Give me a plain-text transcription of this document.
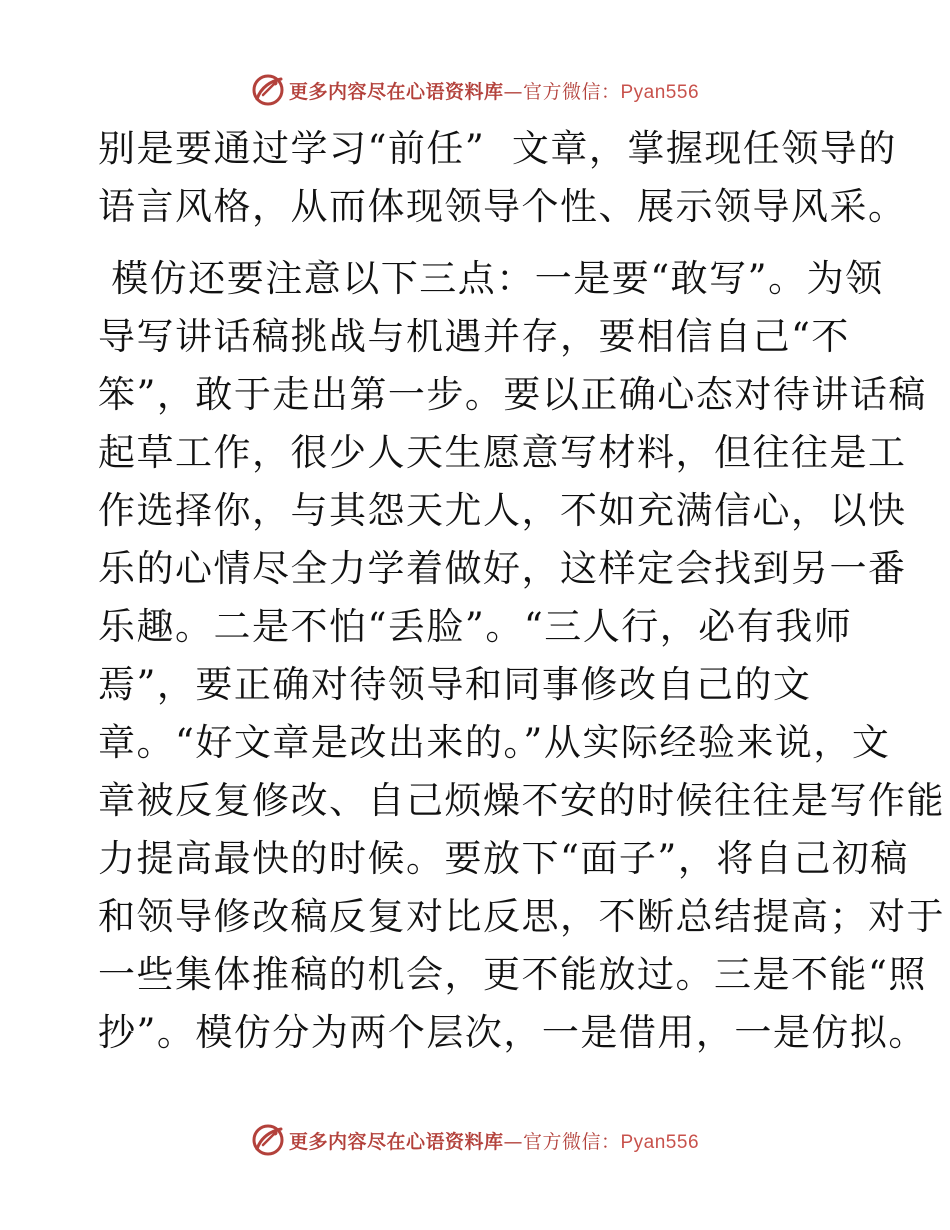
更多内容尽在心语资料库—官方微信：Pyan556
别是要通过学习“前任”  文章，掌握现任领导的
语言风格，从而体现领导个性、展示领导风采。
模仿还要注意以下三点：一是要“敢写”。为领
导写讲话稿挑战与机遇并存，要相信自己“不
笨”，敢于走出第一步。要以正确心态对待讲话稿
起草工作，很少人天生愿意写材料，但往往是工
作选择你，与其怨天尤人，不如充满信心，以快
乐的心情尽全力学着做好，这样定会找到另一番
乐趣。二是不怕“丢脸”。“三人行，必有我师
焉”，要正确对待领导和同事修改自己的文
章。“好文章是改出来的。”从实际经验来说，文
章被反复修改、自己烦燥不安的时候往往是写作能
力提高最快的时候。要放下“面子”，将自己初稿
和领导修改稿反复对比反思，不断总结提高；对于
一些集体推稿的机会，更不能放过。三是不能“照
抄”。模仿分为两个层次，一是借用，一是仿拟。
更多内容尽在心语资料库—官方微信：Pyan556
